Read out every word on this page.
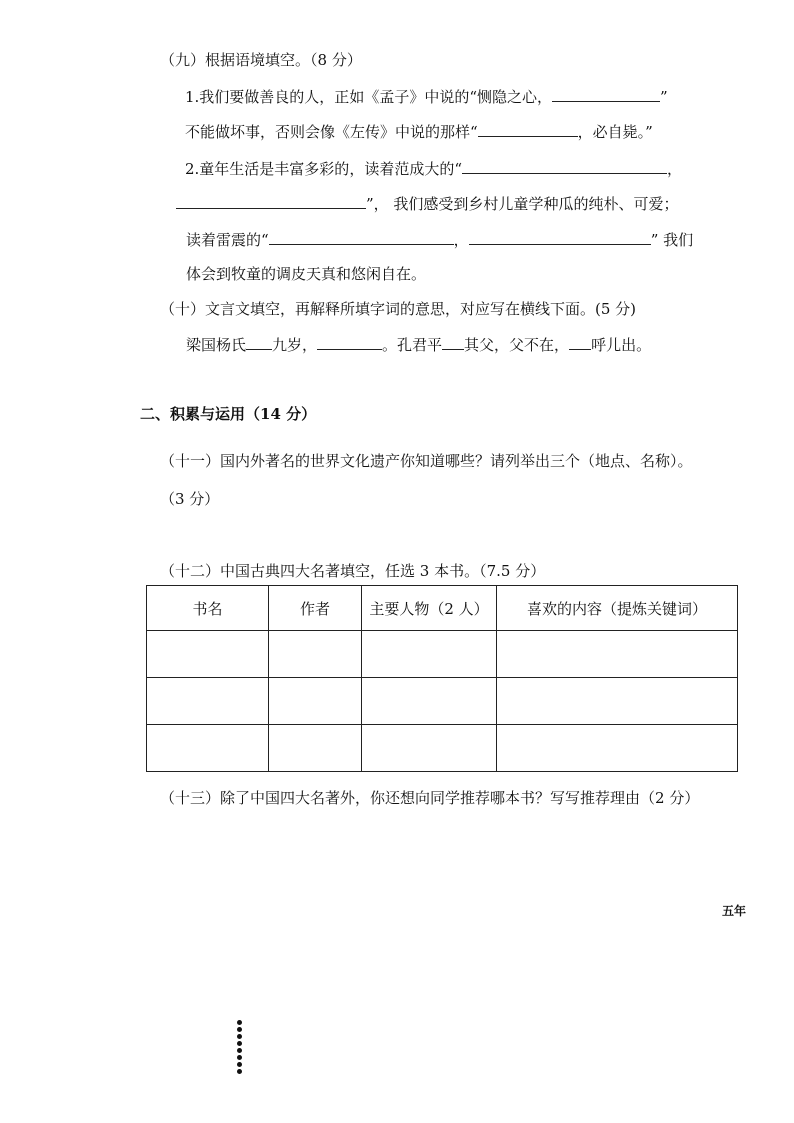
（九）根据语境填空。（8 分）
1.我们要做善良的人，正如《孟子》中说的“恻隐之心，	”
不能做坏事，否则会像《左传》中说的那样“	，必自毙。”
2.童年生活是丰富多彩的，读着范成大的“	，
”， 我们感受到乡村儿童学种瓜的纯朴、可爱；
读着雷震的“	，	” 我们
体会到牧童的调皮天真和悠闲自在。
（十）文言文填空，再解释所填字词的意思，对应写在横线下面。(5 分)
梁国杨氏 九岁，	。孔君平 其父，父不在， 呼儿出。
二、积累与运用（14 分）
（十一）国内外著名的世界文化遗产你知道哪些？请列举出三个（地点、名称）。
（3 分）
（十二）中国古典四大名著填空，任选 3 本书。（7.5 分）
书名	作者	主要人物（2 人）	喜欢的内容（提炼关键词）

（十三）除了中国四大名著外，你还想向同学推荐哪本书？写写推荐理由（2 分）
五年
